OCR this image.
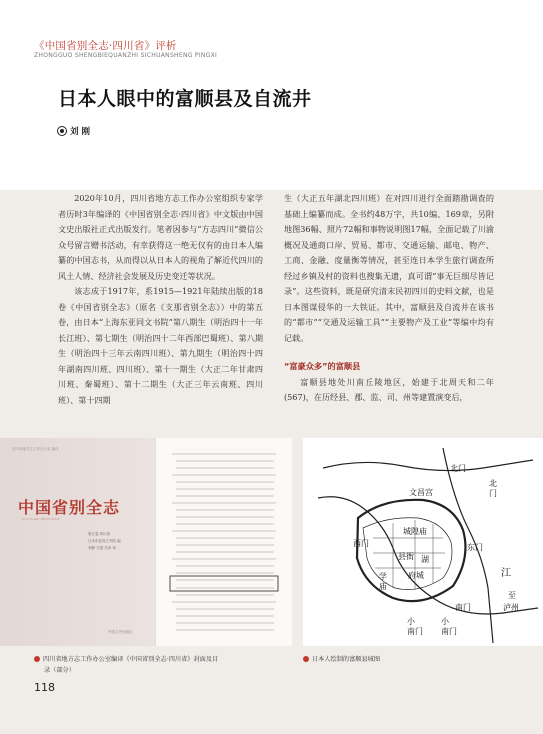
《中国省别全志·四川省》评析
ZHONGGUO SHENGBIEQUANZHI SICHUANSHENG PINGXI
日本人眼中的富顺县及自流井
刘 刚

2020年10月，四川省地方志工作办公室组织专家学者历时3年编译的《中国省别全志·四川省》中文版由中国文史出版社正式出版发行。笔者因参与“方志四川”微信公众号留言赠书活动，有幸获得这一绝无仅有的由日本人编纂的中国志书，从而得以从日本人的视角了解近代四川的风土人情、经济社会发展及历史变迁等状况。

该志成于1917年，系1915—1921年陆续出版的18卷《中国省别全志》（原名《支那省别全志》）中的第五卷，由日本“上海东亚同文书院”第八期生（明治四十一年长江班）、第七期生（明治四十二年西部巴蜀班）、第八期生（明治四十三年云南四川班）、第九期生（明治四十四年湖南四川班、四川班）、第十一期生（大正二年甘肃四川班、秦蜀班）、第十二期生（大正三年云南班、四川班）、第十四期

生（大正五年湖北四川班）在对四川进行全面踏勘调查的基础上编纂而成。全书约48万字，共10编、169章，另附地图36幅、照片72幅和事物说明图17幅，全面记载了川渝概况及通商口岸、贸易、都市、交通运输、邮电、物产、工商、金融、度量衡等情况，甚至连日本学生旅行调查所经过乡镇及村的资料也搜集无遗，真可谓“事无巨细尽皆记录”。这些资料，既是研究清末民初四川的史料文献，也是日本图谋侵华的一大铁证。其中，富顺县及自流井在该书的“都市”“交通及运输工具”“主要物产及工业”等编中均有记载。

“富豪众多”的富顺县

富顺县地处川南丘陵地区，始建于北周天和二年(567)，在历经县、郡、监、司、州等建置演变后，

四川省地方志工作办公室 编译
中国省别全志
SICHUAN PROVINCE
第五卷 四川省
日本东亚同文书院 编
李静 方建 吕冉 译
中国文史出版社
北门
文昌宫
北
门
城隍庙
西门
湖
县衙
府城
东门
江
南门
小
南门
至
泸州
小
南门
学
庙
四川省地方志工作办公室编译《中国省别全志·四川省》封面及目
录（部分）
日本人绘制的富顺县城图
118
